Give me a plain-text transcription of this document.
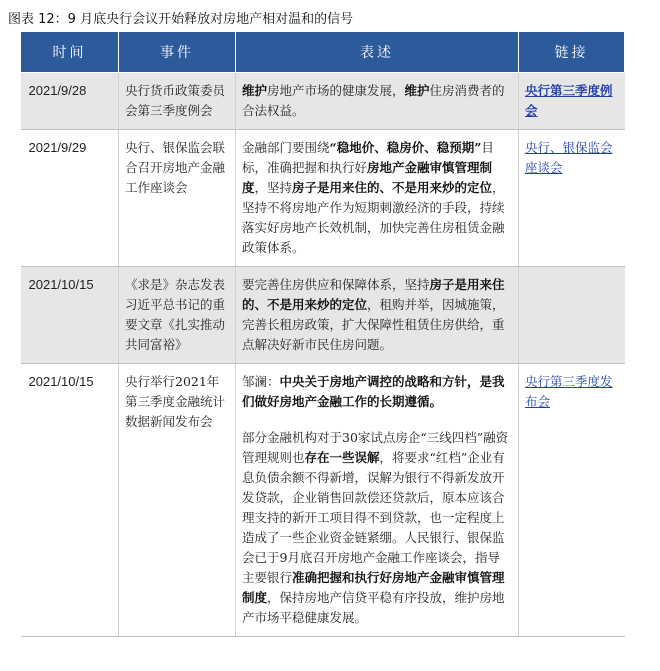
图表 12：9 月底央行会议开始释放对房地产相对温和的信号
时间	事件	表述	链接
2021/9/28	央行货币政策委员会第三季度例会	维护房地产市场的健康发展，维护住房消费者的合法权益。	央行第三季度例会
2021/9/29	央行、银保监会联合召开房地产金融工作座谈会	金融部门要围绕“稳地价、稳房价、稳预期”目标，准确把握和执行好房地产金融审慎管理制度，坚持房子是用来住的、不是用来炒的定位，坚持不将房地产作为短期刺激经济的手段，持续落实好房地产长效机制，加快完善住房租赁金融政策体系。	央行、银保监会座谈会
2021/10/15	《求是》杂志发表习近平总书记的重要文章《扎实推动共同富裕》	要完善住房供应和保障体系，坚持房子是用来住的、不是用来炒的定位，租购并举，因城施策，完善长租房政策，扩大保障性租赁住房供给，重点解决好新市民住房问题。	

2021/10/15	央行举行2021年第三季度金融统计数据新闻发布会	邹澜：中央关于房地产调控的战略和方针，是我们做好房地产金融工作的长期遵循。

部分金融机构对于30家试点房企“三线四档”融资管理规则也存在一些误解，将要求“红档”企业有息负债余额不得新增，误解为银行不得新发放开发贷款，企业销售回款偿还贷款后，原本应该合理支持的新开工项目得不到贷款，也一定程度上造成了一些企业资金链紧绷。人民银行、银保监会已于9月底召开房地产金融工作座谈会，指导主要银行准确把握和执行好房地产金融审慎管理制度，保持房地产信贷平稳有序投放，维护房地产市场平稳健康发展。	央行第三季度发布会
